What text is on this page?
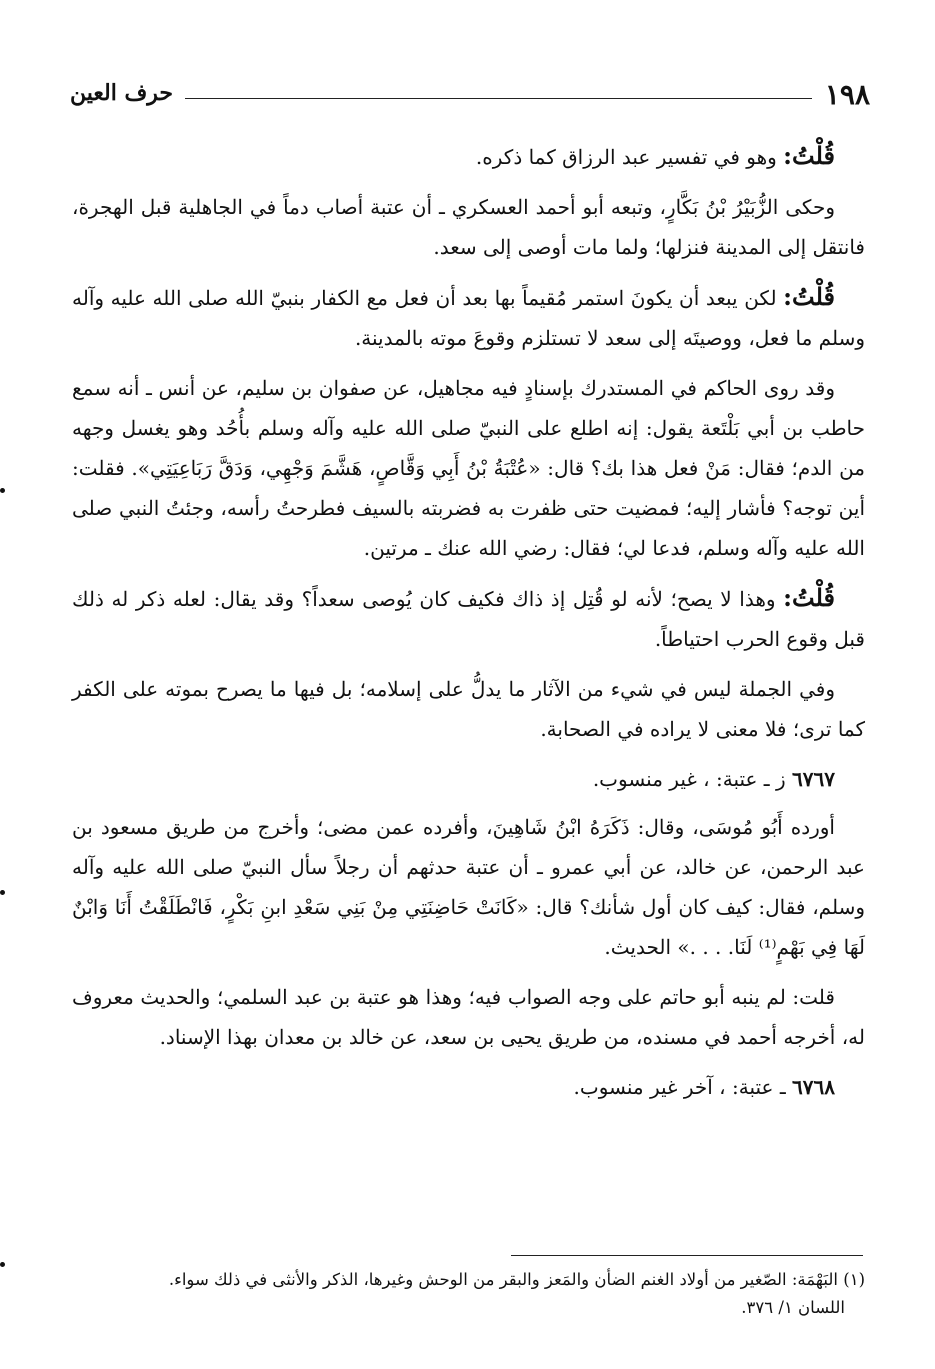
١٩٨
حرف العين

قُلْتُ: وهو في تفسير عبد الرزاق كما ذكره.

وحكى الزُّبَيْرُ بْنُ بَكَّارٍ، وتبعه أبو أحمد العسكري ـ أن عتبة أصاب دماً في الجاهلية قبل الهجرة، فانتقل إلى المدينة فنزلها؛ ولما مات أوصى إلى سعد.

قُلْتُ: لكن يبعد أن يكونَ استمر مُقيماً بها بعد أن فعل مع الكفار بنبيّ الله صلى الله عليه وآله وسلم ما فعل، ووصيتَه إلى سعد لا تستلزم وقوعَ موته بالمدينة.

وقد روى الحاكم في المستدرك بإسنادٍ فيه مجاهيل، عن صفوان بن سليم، عن أنس ـ أنه سمع حاطب بن أبي بَلْتَعة يقول: إنه اطلع على النبيّ صلى الله عليه وآله وسلم بأُحُد وهو يغسل وجهه من الدم؛ فقال: مَنْ فعل هذا بك؟ قال: «عُتْبَةُ بْنُ أَبِي وَقَّاصٍ، هَشَّمَ وَجْهِي، وَدَقَّ رَبَاعِيَتِي». فقلت: أين توجه؟ فأشار إليه؛ فمضيت حتى ظفرت به فضربته بالسيف فطرحتُ رأسه، وجئتُ النبي صلى الله عليه وآله وسلم، فدعا لي؛ فقال: رضي الله عنك ـ مرتين.

قُلْتُ: وهذا لا يصح؛ لأنه لو قُتِل إذ ذاك فكيف كان يُوصى سعداً؟ وقد يقال: لعله ذكر له ذلك قبل وقوع الحرب احتياطاً.

وفي الجملة ليس في شيء من الآثار ما يدلُّ على إسلامه؛ بل فيها ما يصرح بموته على الكفر كما ترى؛ فلا معنى لا يراده في الصحابة.

٦٧٦٧ ز ـ عتبة: ، غير منسوب.

أورده أَبُو مُوسَى، وقال: ذَكَرَهُ ابْنُ شَاهِينَ، وأفرده عمن مضى؛ وأخرج من طريق مسعود بن عبد الرحمن، عن خالد، عن أبي عمرو ـ أن عتبة حدثهم أن رجلاً سأل النبيّ صلى الله عليه وآله وسلم، فقال: كيف كان أول شأنك؟ قال: «كَانَتْ حَاضِنَتِي مِنْ بَنِي سَعْدِ ابنِ بَكْرٍ، فَانْطَلَقْتُ أَنَا وَابْنٌ لَهَا فِي بَهْمٍ⁽¹⁾ لَنَا. . . .» الحديث.

قلت: لم ينبه أبو حاتم على وجه الصواب فيه؛ وهذا هو عتبة بن عبد السلمي؛ والحديث معروف له، أخرجه أحمد في مسنده، من طريق يحيى بن سعد، عن خالد بن معدان بهذا الإسناد.

٦٧٦٨ ـ عتبة: ، آخر غير منسوب.

(١) البَهْمَة: الصّغير من أولاد الغنم الضأن والمَعز والبقر من الوحش وغيرها، الذكر والأنثى في ذلك سواء.

اللسان ١/ ٣٧٦.
